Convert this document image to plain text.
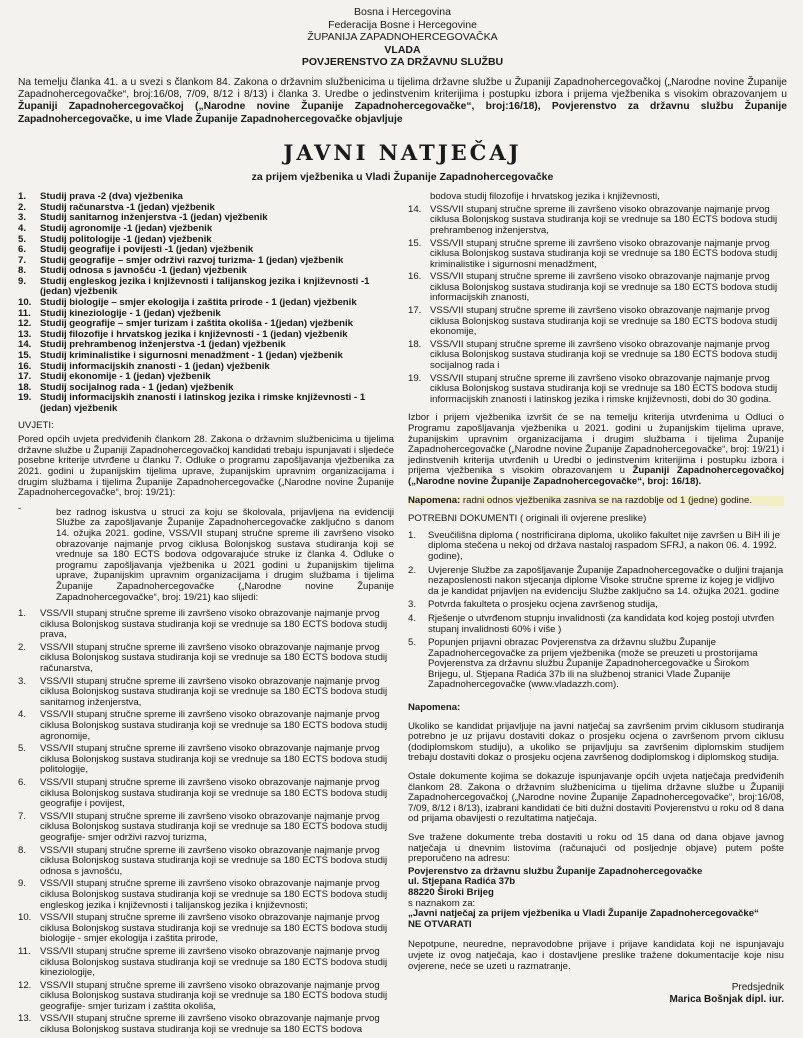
Bosna i Hercegovina
Federacija Bosne i Hercegovine
ŽUPANIJA ZAPADNOHERCEGOVAČKA
VLADA
POVJERENSTVO ZA DRŽAVNU SLUŽBU
Na temelju članka 41. a u svezi s člankom 84. Zakona o državnim službenicima u tijelima državne službe u Županiji Zapadnohercegovačkoj („Narodne novine Županije Zapadnohercegovačke“, broj:16/08, 7/09, 8/12 i 8/13) i članka 3. Uredbe o jedinstvenim kriterijima i postupku izbora i prijema vježbenika s visokim obrazovanjem u Županiji Zapadnohercegovačkoj („Narodne novine Županije Zapadnohercegovačke“, broj:16/18), Povjerenstvo za državnu službu Županije Zapadnohercegovačke, u ime Vlade Županije Zapadnohercegovačke objavljuje
JAVNI NATJEČAJ
za prijem vježbenika u Vladi Županije Zapadnohercegovačke
1.	Studij prava -2 (dva) vježbenika
2.	Studij računarstva -1 (jedan) vježbenik
3.	Studij sanitarnog inženjerstva -1 (jedan) vježbenik
4.	Studij agronomije -1 (jedan) vježbenik
5.	Studij politologije -1 (jedan) vježbenik
6.	Studij geografije i povijesti -1 (jedan) vježbenik
7.	Studij geografije – smjer održivi razvoj turizma- 1 (jedan) vježbenik
8.	Studij odnosa s javnošću -1 (jedan) vježbenik
9.	Studij engleskog jezika i književnosti i talijanskog jezika i književnosti -1 (jedan) vježbenik
10. Studij biologije – smjer ekologija i zaštita prirode - 1 (jedan) vježbenik
11. Studij kineziologije - 1 (jedan) vježbenik
12. Studij geografije – smjer turizam i zaštita okoliša - 1(jedan) vježbenik
13. Studij filozofije i hrvatskog jezika i književnosti - 1 (jedan) vježbenik
14. Studij prehrambenog inženjerstva -1 (jedan) vježbenik
15. Studij kriminalistike i sigurnosni menadžment - 1 (jedan) vježbenik
16. Studij informacijskih znanosti - 1 (jedan) vježbenik
17. Studij ekonomije - 1 (jedan) vježbenik
18. Studij socijalnog rada - 1 (jedan) vježbenik
19. Studij informacijskih znanosti i latinskog jezika i rimske književnosti - 1 (jedan) vježbenik
UVJETI:
Pored općih uvjeta predviđenih člankom 28. Zakona o državnim službenicima u tijelima državne službe u Županiji Zapadnohercegovačkoj kandidati trebaju ispunjavati i sljedeće posebne kriterije utvrđene u članku 7. Odluke o programu zapošljavanja vježbenika za 2021. godini u županijskim tijelima uprave, županijskim upravnim organizacijama i drugim službama i tijelima Županije Zapadnohercegovačke („Narodne novine Županije Zapadnohercegovačke“, broj: 19/21):
-	bez radnog iskustva u struci za koju se školovala, prijavljena na evidenciji Službe za zapošljavanje Županije Zapadnohercegovačke zaključno s danom 14. ožujka 2021. godine, VSS/VII stupanj stručne spreme ili završeno visoko obrazovanje najmanje prvog ciklusa Bolonjskog sustava studiranja koji se vrednuje sa 180 ECTS bodova odgovarajuće struke iz članka 4. Odluke o programu zapošljavanja vježbenika u 2021 godini u županijskim tijelima uprave, županijskim upravnim organizacijama i drugim službama i tijelima Županije Zapadnohercegovačke („Narodne novine Županije Zapadnohercegovačke“, broj: 19/21) kao slijedi:
1.	VSS/VII stupanj stručne spreme ili završeno visoko obrazovanje najmanje prvog ciklusa Bolonjskog sustava studiranja koji se vrednuje sa 180 ECTS bodova studij prava,
2.	VSS/VII stupanj stručne spreme ili završeno visoko obrazovanje najmanje prvog ciklusa Bolonjskog sustava studiranja koji se vrednuje sa 180 ECTS bodova studij računarstva,
3.	VSS/VII stupanj stručne spreme ili završeno visoko obrazovanje najmanje prvog ciklusa Bolonjskog sustava studiranja koji se vrednuje sa 180 ECTS bodova studij sanitarnog inženjerstva,
4.	VSS/VII stupanj stručne spreme ili završeno visoko obrazovanje najmanje prvog ciklusa Bolonjskog sustava studiranja koji se vrednuje sa 180 ECTS bodova studij agronomije,
5.	VSS/VII stupanj stručne spreme ili završeno visoko obrazovanje najmanje prvog ciklusa Bolonjskog sustava studiranja koji se vrednuje sa 180 ECTS bodova studij politologije,
6.	VSS/VII stupanj stručne spreme ili završeno visoko obrazovanje najmanje prvog ciklusa Bolonjskog sustava studiranja koji se vrednuje sa 180 ECTS bodova studij geografije i povijest,
7.	VSS/VII stupanj stručne spreme ili završeno visoko obrazovanje najmanje prvog ciklusa Bolonjskog sustava studiranja koji se vrednuje sa 180 ECTS bodova studij geografije- smjer održivi razvoj turizma,
8.	VSS/VII stupanj stručne spreme ili završeno visoko obrazovanje najmanje prvog ciklusa Bolonjskog sustava studiranja koji se vrednuje sa 180 ECTS bodova studij odnosa s javnošću,
9.	VSS/VII stupanj stručne spreme ili završeno visoko obrazovanje najmanje prvog ciklusa Bolonjskog sustava studiranja koji se vrednuje sa 180 ECTS bodova studij engleskog jezika i književnosti i talijanskog jezika i književnosti;
10. VSS/VII stupanj stručne spreme ili završeno visoko obrazovanje najmanje prvog ciklusa Bolonjskog sustava studiranja koji se vrednuje sa 180 ECTS bodova studij biologije - smjer ekologija i zaštita prirode,
11. VSS/VII stupanj stručne spreme ili završeno visoko obrazovanje najmanje prvog ciklusa Bolonjskog sustava studiranja koji se vrednuje sa 180 ECTS bodova studij kineziologije,
12. VSS/VII stupanj stručne spreme ili završeno visoko obrazovanje najmanje prvog ciklusa Bolonjskog sustava studiranja koji se vrednuje sa 180 ECTS bodova studij geografije- smjer turizam i zaštita okoliša,
13. VSS/VII stupanj stručne spreme ili završeno visoko obrazovanje najmanje prvog ciklusa Bolonjskog sustava studiranja koji se vrednuje sa 180 ECTS bodova
bodova studij filozofije i hrvatskog jezika i književnosti,
14. VSS/VII stupanj stručne spreme ili završeno visoko obrazovanje najmanje prvog ciklusa Bolonjskog sustava studiranja koji se vrednuje sa 180 ECTS bodova studij prehrambenog inženjerstva,
15. VSS/VII stupanj stručne spreme ili završeno visoko obrazovanje najmanje prvog ciklusa Bolonjskog sustava studiranja koji se vrednuje sa 180 ECTS bodova studij kriminalistike i sigurnosni menadžment,
16. VSS/VII stupanj stručne spreme ili završeno visoko obrazovanje najmanje prvog ciklusa Bolonjskog sustava studiranja koji se vrednuje sa 180 ECTS bodova studij informacijskih znanosti,
17. VSS/VII stupanj stručne spreme ili završeno visoko obrazovanje najmanje prvog ciklusa Bolonjskog sustava studiranja koji se vrednuje sa 180 ECTS bodova studij ekonomije,
18. VSS/VII stupanj stručne spreme ili završeno visoko obrazovanje najmanje prvog ciklusa Bolonjskog sustava studiranja koji se vrednuje sa 180 ECTS bodova studij socijalnog rada i
19. VSS/VII stupanj stručne spreme ili završeno visoko obrazovanje najmanje prvog ciklusa Bolonjskog sustava studiranja koji se vrednuje sa 180 ECTS bodova studij informacijskih znanosti i latinskog jezika i rimske književnosti, dobi do 30 godina.
Izbor i prijem vježbenika izvršit će se na temelju kriterija utvrđenima u Odluci o Programu zapošljavanja vježbenika u 2021. godini u županijskim tijelima uprave, županijskim upravnim organizacijama i drugim službama i tijelima Županije Zapadnohercegovačke („Narodne novine Županije Zapadnohercegovačke“, broj: 19/21) i jedinstvenih kriterija utvrđenih u Uredbi o jedinstvenim kriterijima i postupku izbora i prijema vježbenika s visokim obrazovanjem u Županiji Zapadnohercegovačkoj („Narodne novine Županije Zapadnohercegovačke“, broj: 16/18).
Napomena: radni odnos vježbenika zasniva se na razdoblje od 1 (jedne) godine.
POTREBNI DOKUMENTI ( originali ili ovjerene preslike)
1.	Sveučilišna diploma ( nostrificirana diploma, ukoliko fakultet nije završen u BiH ili je diploma stečena u nekoj od država nastaloj raspadom SFRJ, a nakon 06. 4. 1992. godine),
2.	Uvjerenje Službe za zapošljavanje Županije Zapadnohercegovačke o duljini trajanja nezaposlenosti nakon stjecanja diplome Visoke stručne spreme iz kojeg je vidljivo da je kandidat prijavljen na evidenciju Službe zaključno sa 14. ožujka 2021. godine
3.	Potvrda fakulteta o prosjeku ocjena završenog studija,
4.	Rješenje o utvrđenom stupnju invalidnosti (za kandidata kod kojeg postoji utvrđen stupanj invalidnosti 60% i više )
5.	Popunjen prijavni obrazac Povjerenstva za državnu službu Županije Zapadnohercegovačke za prijem vježbenika (može se preuzeti u prostorijama Povjerenstva za državnu službu Županije Zapadnohercegovačke u Širokom Brijegu, ul. Stjepana Radića 37b ili na službenoj stranici Vlade Županije Zapadnohercegovačke (www.vladazzh.com).
Napomena:
Ukoliko se kandidat prijavljuje na javni natječaj sa završenim prvim ciklusom studiranja potrebno je uz prijavu dostaviti dokaz o prosjeku ocjena o završenom prvom ciklusu (dodiplomskom studiju), a ukoliko se prijavljuju sa završenim diplomskim studijem trebaju dostaviti dokaz o prosjeku ocjena završenog dodiplomskog i diplomskog studija.
Ostale dokumente kojima se dokazuje ispunjavanje općih uvjeta natječaja predviđenih člankom 28. Zakona o državnim službenicima u tijelima državne službe u Županiji Zapadnohercegovačkoj („Narodne novine Županije Zapadnohercegovačke“, broj:16/08, 7/09, 8/12 i 8/13), izabrani kandidati će biti dužni dostaviti Povjerenstvu u roku od 8 dana od prijama obavijesti o rezultatima natječaja.
Sve tražene dokumente treba dostaviti u roku od 15 dana od dana objave javnog natječaja u dnevnim listovima (računajući od posljednje objave) putem pošte preporučeno na adresu:
Povjerenstvo za državnu službu Županije Zapadnohercegovačke
ul. Stjepana Radića 37b
88220 Široki Brijeg
s naznakom za:
„Javni natječaj za prijem vježbenika u Vladi Županije Zapadnohercegovačke“
NE OTVARATI
Nepotpune, neuredne, nepravodobne prijave i prijave kandidata koji ne ispunjavaju uvjete iz ovog natječaja, kao i dostavljene preslike tražene dokumentacije koje nisu ovjerene, neće se uzeti u razmatranje.
Predsjednik
Marica Bošnjak dipl. iur.
